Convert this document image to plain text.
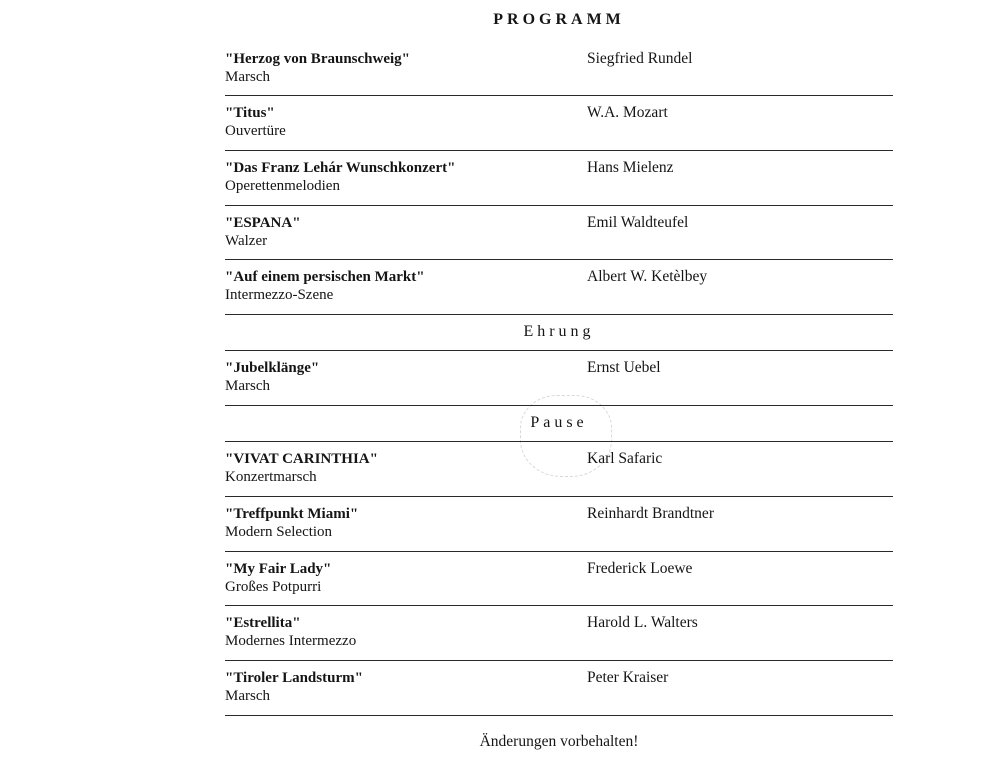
PROGRAMM
"Herzog von Braunschweig"
Marsch
Siegfried Rundel
"Titus"
Ouvertüre
W.A. Mozart
"Das Franz Lehár Wunschkonzert"
Operettenmelodien
Hans Mielenz
"ESPANA"
Walzer
Emil Waldteufel
"Auf einem persischen Markt"
Intermezzo-Szene
Albert W. Ketèlbey
Ehrung
"Jubelklänge"
Marsch
Ernst Uebel
Pause
"VIVAT CARINTHIA"
Konzertmarsch
Karl Safaric
"Treffpunkt Miami"
Modern Selection
Reinhardt Brandtner
"My Fair Lady"
Großes Potpurri
Frederick Loewe
"Estrellita"
Modernes Intermezzo
Harold L. Walters
"Tiroler Landsturm"
Marsch
Peter Kraiser
Änderungen vorbehalten!
